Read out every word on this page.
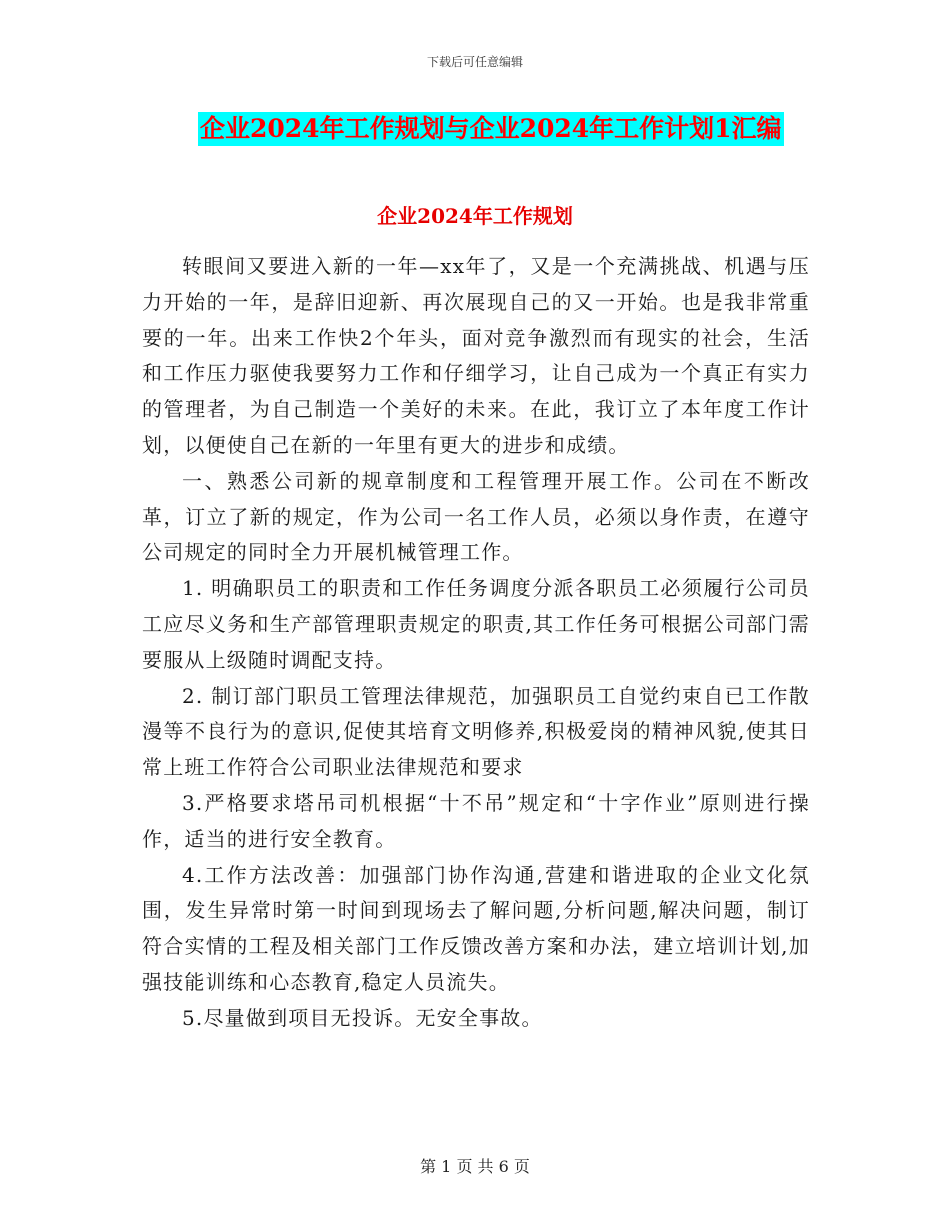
下载后可任意编辑
企业2024年工作规划与企业2024年工作计划1汇编
企业2024年工作规划

转眼间又要进入新的一年—xx年了，又是一个充满挑战、机遇与压力开始的一年，是辞旧迎新、再次展现自己的又一开始。也是我非常重要的一年。出来工作快2个年头，面对竞争激烈而有现实的社会，生活和工作压力驱使我要努力工作和仔细学习，让自己成为一个真正有实力的管理者，为自己制造一个美好的未来。在此，我订立了本年度工作计划，以便使自己在新的一年里有更大的进步和成绩。

一、熟悉公司新的规章制度和工程管理开展工作。公司在不断改革，订立了新的规定，作为公司一名工作人员，必须以身作责，在遵守公司规定的同时全力开展机械管理工作。

1. 明确职员工的职责和工作任务调度分派各职员工必须履行公司员工应尽义务和生产部管理职责规定的职责,其工作任务可根据公司部门需要服从上级随时调配支持。

2. 制订部门职员工管理法律规范，加强职员工自觉约束自已工作散漫等不良行为的意识,促使其培育文明修养,积极爱岗的精神风貌,使其日常上班工作符合公司职业法律规范和要求

3.严格要求塔吊司机根据“十不吊”规定和“十字作业”原则进行操作，适当的进行安全教育。

4.工作方法改善：加强部门协作沟通,营建和谐进取的企业文化氛围，发生异常时第一时间到现场去了解问题,分析问题,解决问题，制订符合实情的工程及相关部门工作反馈改善方案和办法，建立培训计划,加强技能训练和心态教育,稳定人员流失。

5.尽量做到项目无投诉。无安全事故。

第 1 页 共 6 页
